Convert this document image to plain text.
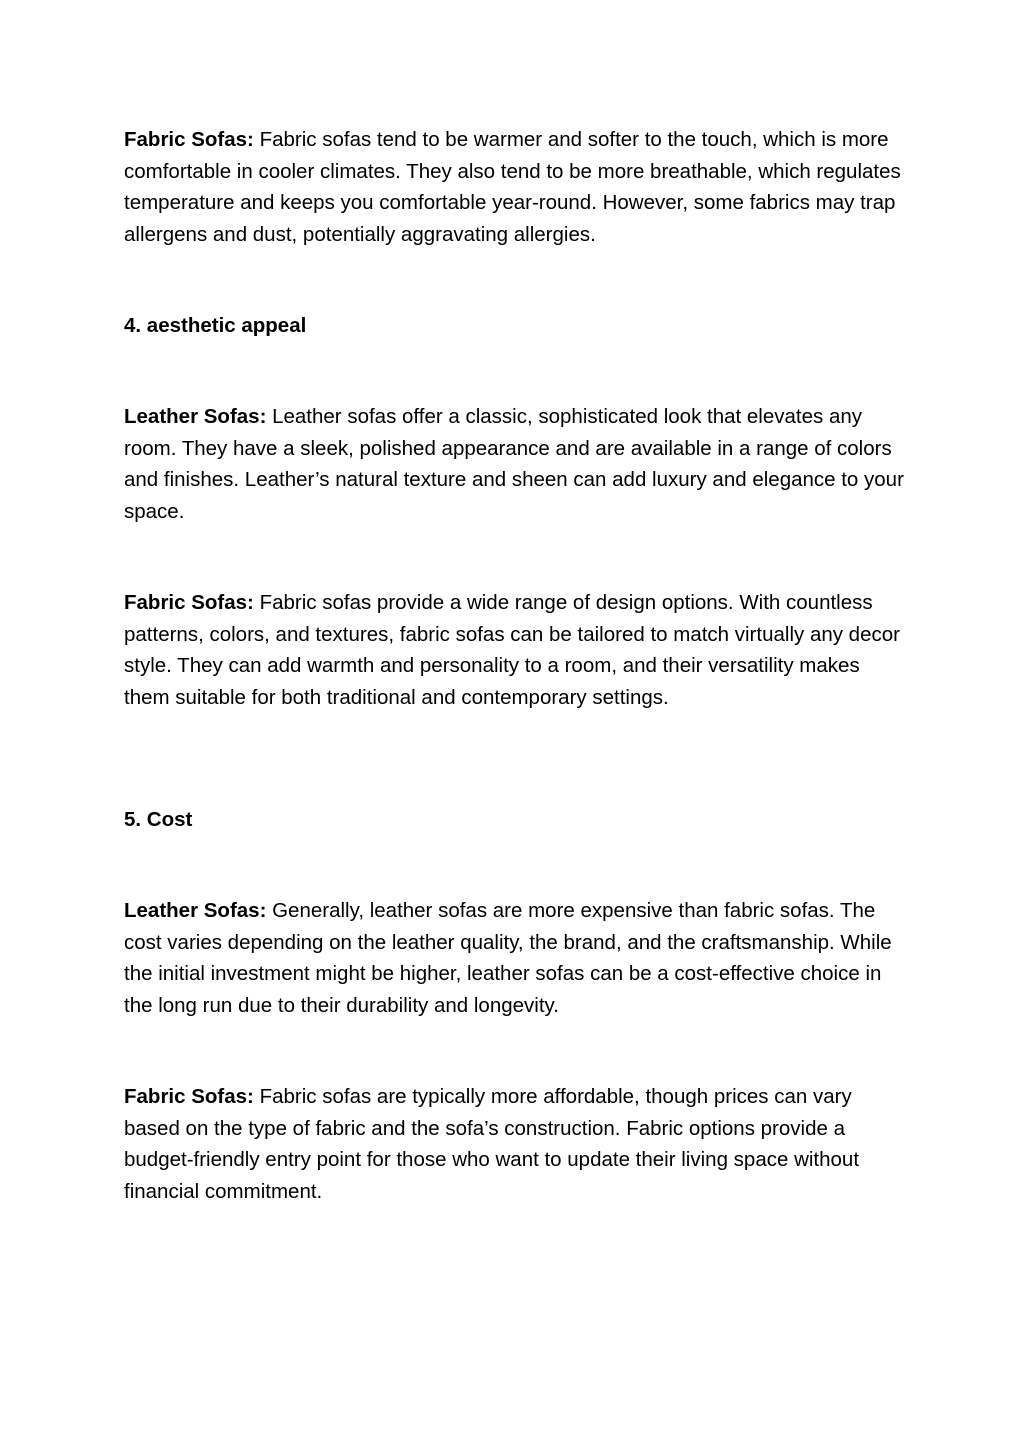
Fabric Sofas: Fabric sofas tend to be warmer and softer to the touch, which is more comfortable in cooler climates. They also tend to be more breathable, which regulates temperature and keeps you comfortable year-round. However, some fabrics may trap allergens and dust, potentially aggravating allergies.

4. aesthetic appeal

Leather Sofas: Leather sofas offer a classic, sophisticated look that elevates any room. They have a sleek, polished appearance and are available in a range of colors and finishes. Leather’s natural texture and sheen can add luxury and elegance to your space.

Fabric Sofas: Fabric sofas provide a wide range of design options. With countless patterns, colors, and textures, fabric sofas can be tailored to match virtually any decor style. They can add warmth and personality to a room, and their versatility makes them suitable for both traditional and contemporary settings.

5. Cost

Leather Sofas: Generally, leather sofas are more expensive than fabric sofas. The cost varies depending on the leather quality, the brand, and the craftsmanship. While the initial investment might be higher, leather sofas can be a cost-effective choice in the long run due to their durability and longevity.

Fabric Sofas: Fabric sofas are typically more affordable, though prices can vary based on the type of fabric and the sofa’s construction. Fabric options provide a budget-friendly entry point for those who want to update their living space without financial commitment.
